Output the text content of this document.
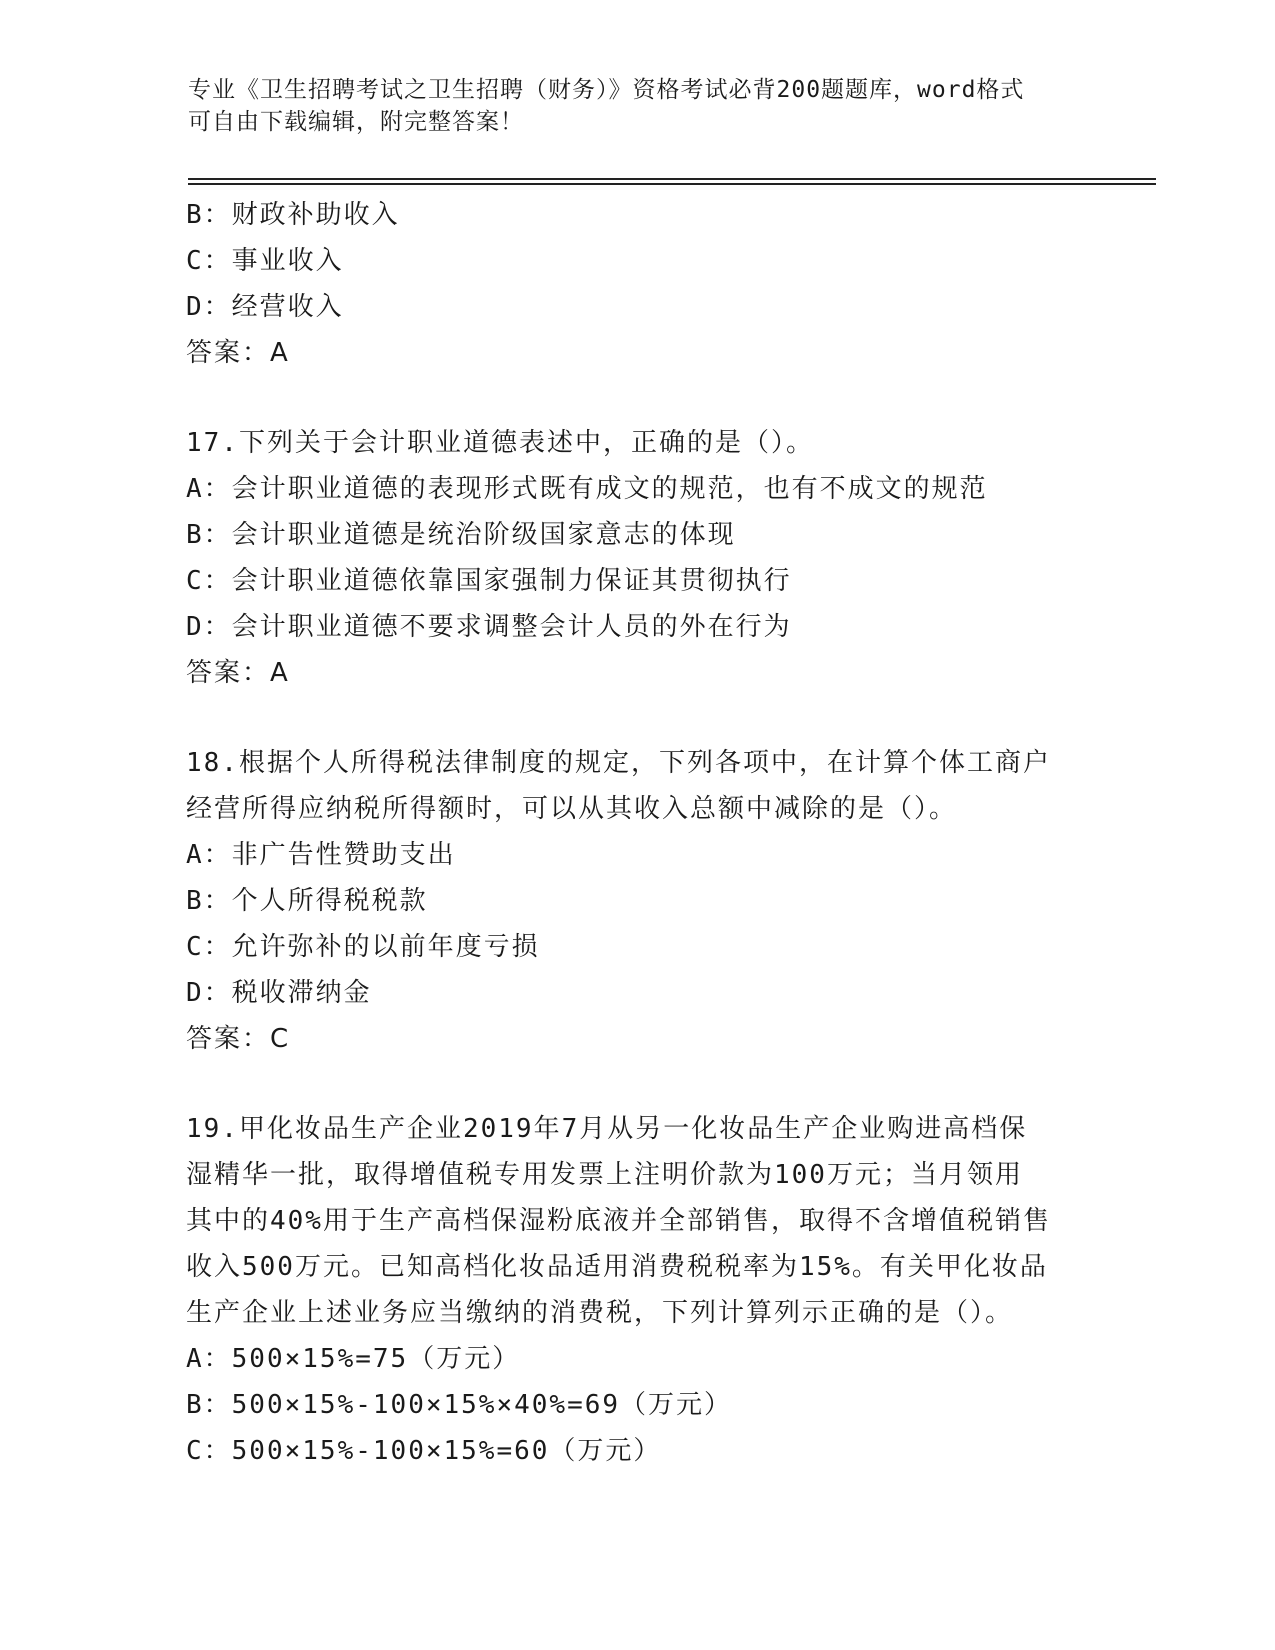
专业《卫生招聘考试之卫生招聘（财务）》资格考试必背200题题库，word格式
可自由下载编辑，附完整答案！
B：财政补助收入
C：事业收入
D：经营收入
答案：A
17.下列关于会计职业道德表述中，正确的是（）。
A：会计职业道德的表现形式既有成文的规范，也有不成文的规范
B：会计职业道德是统治阶级国家意志的体现
C：会计职业道德依靠国家强制力保证其贯彻执行
D：会计职业道德不要求调整会计人员的外在行为
答案：A
18.根据个人所得税法律制度的规定，下列各项中，在计算个体工商户
经营所得应纳税所得额时，可以从其收入总额中减除的是（）。
A：非广告性赞助支出
B：个人所得税税款
C：允许弥补的以前年度亏损
D：税收滞纳金
答案：C
19.甲化妆品生产企业2019年7月从另一化妆品生产企业购进高档保
湿精华一批，取得增值税专用发票上注明价款为100万元；当月领用
其中的40%用于生产高档保湿粉底液并全部销售，取得不含增值税销售
收入500万元。已知高档化妆品适用消费税税率为15%。有关甲化妆品
生产企业上述业务应当缴纳的消费税，下列计算列示正确的是（）。
A：500×15%=75（万元）
B：500×15%-100×15%×40%=69（万元）
C：500×15%-100×15%=60（万元）
